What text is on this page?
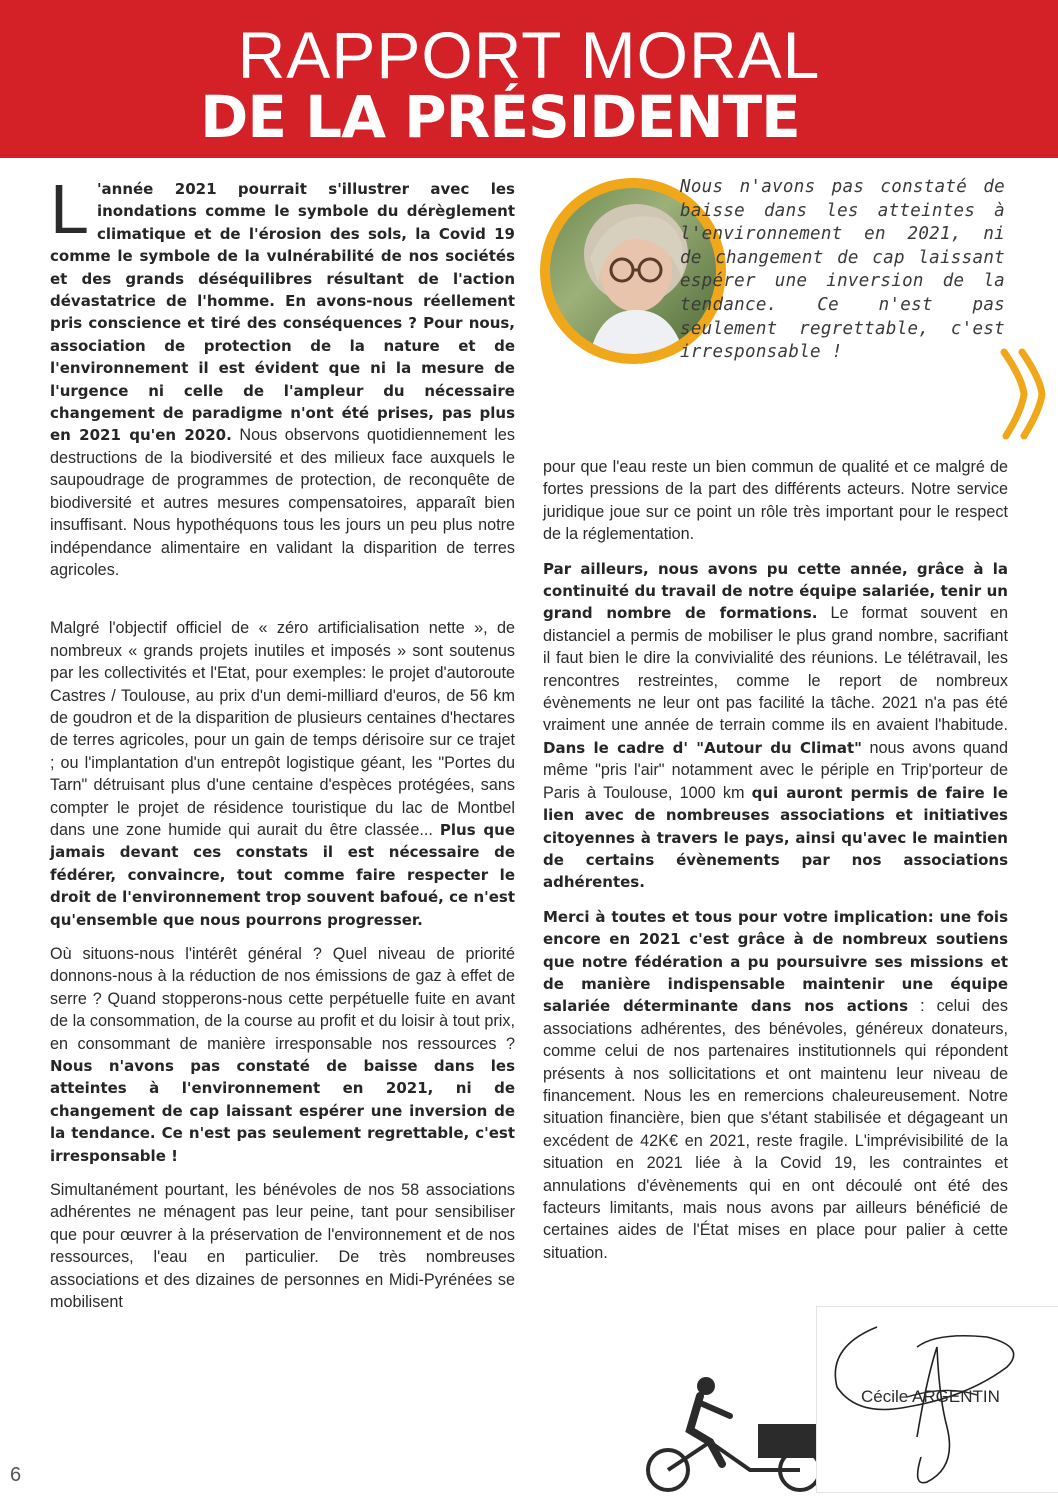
RAPPORT MORAL
DE LA PRÉSIDENTE

L 'année 2021 pourrait s'illustrer avec les inondations comme le symbole du dérèglement climatique et de l'érosion des sols, la Covid 19 comme le symbole de la vulnérabilité de nos sociétés et des grands déséquilibres résultant de l'action dévastatrice de l'homme. En avons-nous réellement pris conscience et tiré des conséquences ? Pour nous, association de protection de la nature et de l'environnement il est évident que ni la mesure de l'urgence ni celle de l'ampleur du nécessaire changement de paradigme n'ont été prises, pas plus en 2021 qu'en 2020. Nous observons quotidiennement les destructions de la biodiversité et des milieux face auxquels le saupoudrage de programmes de protection, de reconquête de biodiversité et autres mesures compensatoires, apparaît bien insuffisant. Nous hypothéquons tous les jours un peu plus notre indépendance alimentaire en validant la disparition de terres agricoles.

Malgré l'objectif officiel de « zéro artificialisation nette », de nombreux « grands projets inutiles et imposés » sont soutenus par les collectivités et l'Etat, pour exemples: le projet d'autoroute Castres / Toulouse, au prix d'un demi-milliard d'euros, de 56 km de goudron et de la disparition de plusieurs centaines d'hectares de terres agricoles, pour un gain de temps dérisoire sur ce trajet ; ou l'implantation d'un entrepôt logistique géant, les "Portes du Tarn" détruisant plus d'une centaine d'espèces protégées, sans compter le projet de résidence touristique du lac de Montbel dans une zone humide qui aurait du être classée... Plus que jamais devant ces constats il est nécessaire de fédérer, convaincre, tout comme faire respecter le droit de l'environnement trop souvent bafoué, ce n'est qu'ensemble que nous pourrons progresser.

Où situons-nous l'intérêt général ? Quel niveau de priorité donnons-nous à la réduction de nos émissions de gaz à effet de serre ? Quand stopperons-nous cette perpétuelle fuite en avant de la consommation, de la course au profit et du loisir à tout prix, en consommant de manière irresponsable nos ressources ? Nous n'avons pas constaté de baisse dans les atteintes à l'environnement en 2021, ni de changement de cap laissant espérer une inversion de la tendance. Ce n'est pas seulement regrettable, c'est irresponsable !

Simultanément pourtant, les bénévoles de nos 58 associations adhérentes ne ménagent pas leur peine, tant pour sensibiliser que pour œuvrer à la préservation de l'environnement et de nos ressources, l'eau en particulier. De très nombreuses associations et des dizaines de personnes en Midi-Pyrénées se mobilisent

Nous n'avons pas constaté de baisse dans les atteintes à l'environnement en 2021, ni de changement de cap laissant espérer une inversion de la tendance. Ce n'est pas seulement regrettable, c'est irresponsable !

pour que l'eau reste un bien commun de qualité et ce malgré de fortes pressions de la part des différents acteurs. Notre service juridique joue sur ce point un rôle très important pour le respect de la réglementation.

Par ailleurs, nous avons pu cette année, grâce à la continuité du travail de notre équipe salariée, tenir un grand nombre de formations. Le format souvent en distanciel a permis de mobiliser le plus grand nombre, sacrifiant il faut bien le dire la convivialité des réunions. Le télétravail, les rencontres restreintes, comme le report de nombreux évènements ne leur ont pas facilité la tâche. 2021 n'a pas été vraiment une année de terrain comme ils en avaient l'habitude. Dans le cadre d' "Autour du Climat" nous avons quand même "pris l'air" notamment avec le périple en Trip'porteur de Paris à Toulouse, 1000 km qui auront permis de faire le lien avec de nombreuses associations et initiatives citoyennes à travers le pays, ainsi qu'avec le maintien de certains évènements par nos associations adhérentes.

Merci à toutes et tous pour votre implication: une fois encore en 2021 c'est grâce à de nombreux soutiens que notre fédération a pu poursuivre ses missions et de manière indispensable maintenir une équipe salariée déterminante dans nos actions : celui des associations adhérentes, des bénévoles, généreux donateurs, comme celui de nos partenaires institutionnels qui répondent présents à nos sollicitations et ont maintenu leur niveau de financement. Nous les en remercions chaleureusement. Notre situation financière, bien que s'étant stabilisée et dégageant un excédent de 42K€ en 2021, reste fragile. L'imprévisibilité de la situation en 2021 liée à la Covid 19, les contraintes et annulations d'évènements qui en ont découlé ont été des facteurs limitants, mais nous avons par ailleurs bénéficié de certaines aides de l'État mises en place pour palier à cette situation.

Cécile ARGENTIN
6
